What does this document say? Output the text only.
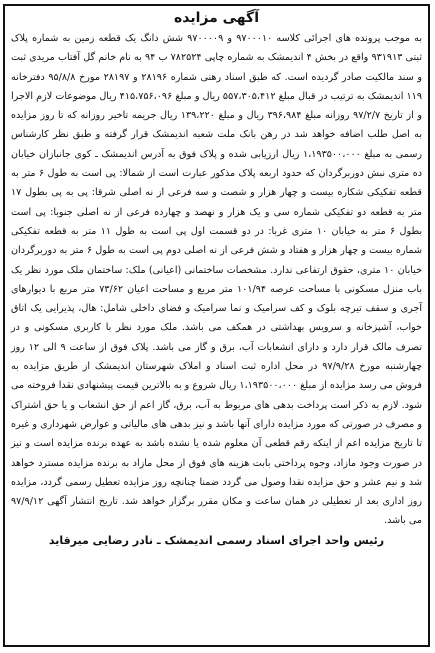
آگهی مزایده

به موجب پرونده های اجرائی کلاسه ۹۷۰۰۰۱۰ و ۹۷۰۰۰۰۹ شش دانگ یک قطعه زمین به شماره پلاک ثبتی ۹۳۱۹۱۳ واقع در بخش ۴ اندیمشک به شماره چاپی ۷۸۲۵۲۴ ب ۹۴ به نام خانم گل آفتاب مریدی ثبت و سند مالکیت صادر گردیده است. که طبق اسناد رهنی شماره ۲۸۱۹۶ و ۲۸۱۹۷ مورخ ۹۵/۸/۸ دفترخانه ۱۱۹ اندیمشک به ترتیب در قبال مبلغ ۵۵۷،۳۰۵،۴۱۲ ریال و مبلغ ۴۱۵،۷۵۶،۰۹۶ ریال موضوعات لازم الاجرا و از تاریخ ۹۷/۲/۷ روزانه مبلغ ۳۹۶،۹۸۴ ریال و مبلغ ۱۳۹،۲۲۰ ریال جریمه تاخیر روزانه که تا روز مزایده به اصل طلب اضافه خواهد شد در رهن بانک ملت شعبه اندیمشک قرار گرفته و طبق نظر کارشناس رسمی به مبلغ ۱،۱۹۳۵۰۰،۰۰۰ ریال ارزیابی شده و پلاک فوق به آدرس اندیمشک ـ کوی جانبازان خیابان ده متری نبش دوربرگردان که حدود اربعه پلاک مذکور عبارت است از شمالا: پی است به طول ۶ متر به قطعه تفکیکی شکاره بیست و چهار هزار و شصت و سه فرعی از نه اصلی شرقا: پی به پی بطول ۱۷ متر به قطعه دو تفکیکی شماره سی و یک هزار و نهصد و چهارده فرعی از نه اصلی جنوبا: پی است بطول ۶ متر به خیابان ۱۰ متری غربا: در دو قسمت اول پی است به طول ۱۱ متر به قطعه تفکیکی شماره بیست و چهار هزار و هفتاد و شش فرعی از نه اصلی دوم پی است به طول ۶ متر به دوربرگردان خیابان ۱۰ متری، حقوق ارتفاعی ندارد. مشخصات ساختمانی (اعیانی) ملک: ساختمان ملک مورد نظر یک باب منزل مسکونی با مساحت عرصه ۱۰۱/۹۴ متر مربع و مساحت اعیان ۷۳/۶۲ متر مربع با دیوارهای آجری و سقف تیرچه بلوک و کف سرامیک و نما سرامیک و فضای داخلی شامل: هال، پذیرایی یک اتاق خواب، آشپزخانه و سرویس بهداشتی در همکف می باشد. ملک مورد نظر با کاربری مسکونی و در تصرف مالک قرار دارد و دارای انشعابات آب، برق و گاز می باشد. پلاک فوق از ساعت ۹ الی ۱۲ روز چهارشنبه مورخ ۹۷/۹/۲۸ در محل اداره ثبت اسناد و املاک شهرستان اندیمشک از طریق مزایده به فروش می رسد مزایده از مبلغ ۱،۱۹۳۵۰۰،۰۰۰ ریال شروع و به بالاترین قیمت پیشنهادی نقدا فروخته می شود. لازم به ذکر است پرداخت بدهی های مربوط به آب، برق، گاز اعم از حق انشعاب و یا حق اشتراک و مصرف در صورتی که مورد مزایده دارای آنها باشد و نیز بدهی های مالیاتی و عوارض شهرداری و غیره تا تاریخ مزایده اعم از اینکه رقم قطعی آن معلوم شده یا نشده باشد به عهده برنده مزایده است و نیز در صورت وجود مازاد، وجوه پرداختی بابت هزینه های فوق از محل مازاد به برنده مزایده مسترد خواهد شد و نیم عشر و حق مزایده نقدا وصول می گردد ضمنا چنانچه روز مزایده تعطیل رسمی گردد، مزایده روز اداری بعد از تعطیلی در همان ساعت و مکان مقرر برگزار خواهد شد. تاریخ انتشار آگهی ۹۷/۹/۱۲ می باشد.

رئیس واحد اجرای اسناد رسمی اندیمشک ـ نادر رضایی میرقاید
